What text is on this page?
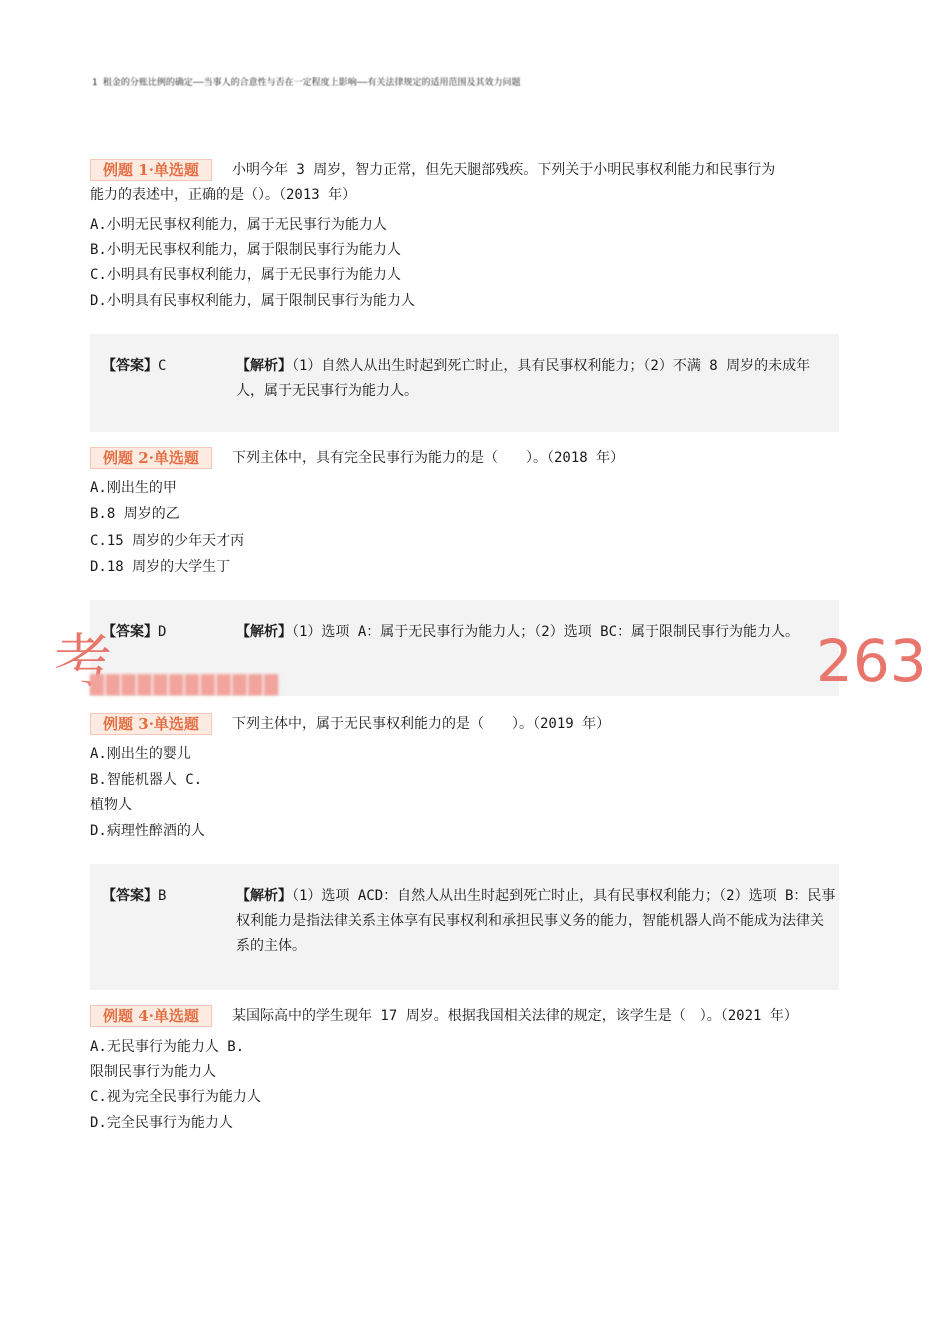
1 租金的分账比例的确定——当事人的合意性与否在一定程度上影响——有关法律规定的适用范围及其效力问题
例题 1·单选题	小明今年 3 周岁，智力正常，但先天腿部残疾。下列关于小明民事权利能力和民事行为
能力的表述中，正确的是（）。（2013 年）
A.小明无民事权利能力，属于无民事行为能力人
B.小明无民事权利能力，属于限制民事行为能力人
C.小明具有民事权利能力，属于无民事行为能力人
D.小明具有民事权利能力，属于限制民事行为能力人
【答案】C	【解析】（1）自然人从出生时起到死亡时止，具有民事权利能力；（2）不满 8 周岁的未成年人，属于无民事行为能力人。
例题 2·单选题	下列主体中，具有完全民事行为能力的是（　　）。（2018 年）
A.刚出生的甲
B.8 周岁的乙
C.15 周岁的少年天才丙
D.18 周岁的大学生丁
【答案】D	【解析】（1）选项 A：属于无民事行为能力人；（2）选项 BC：属于限制民事行为能力人。
考	263
████████████
例题 3·单选题	下列主体中，属于无民事权利能力的是（　　）。（2019 年）
A.刚出生的婴儿
B.智能机器人 C.
植物人
D.病理性醉酒的人
【答案】B	【解析】（1）选项 ACD：自然人从出生时起到死亡时止，具有民事权利能力；（2）选项 B：民事权利能力是指法律关系主体享有民事权利和承担民事义务的能力，智能机器人尚不能成为法律关系的主体。
例题 4·单选题	某国际高中的学生现年 17 周岁。根据我国相关法律的规定，该学生是（　）。（2021 年）
A.无民事行为能力人 B.
限制民事行为能力人
C.视为完全民事行为能力人
D.完全民事行为能力人
